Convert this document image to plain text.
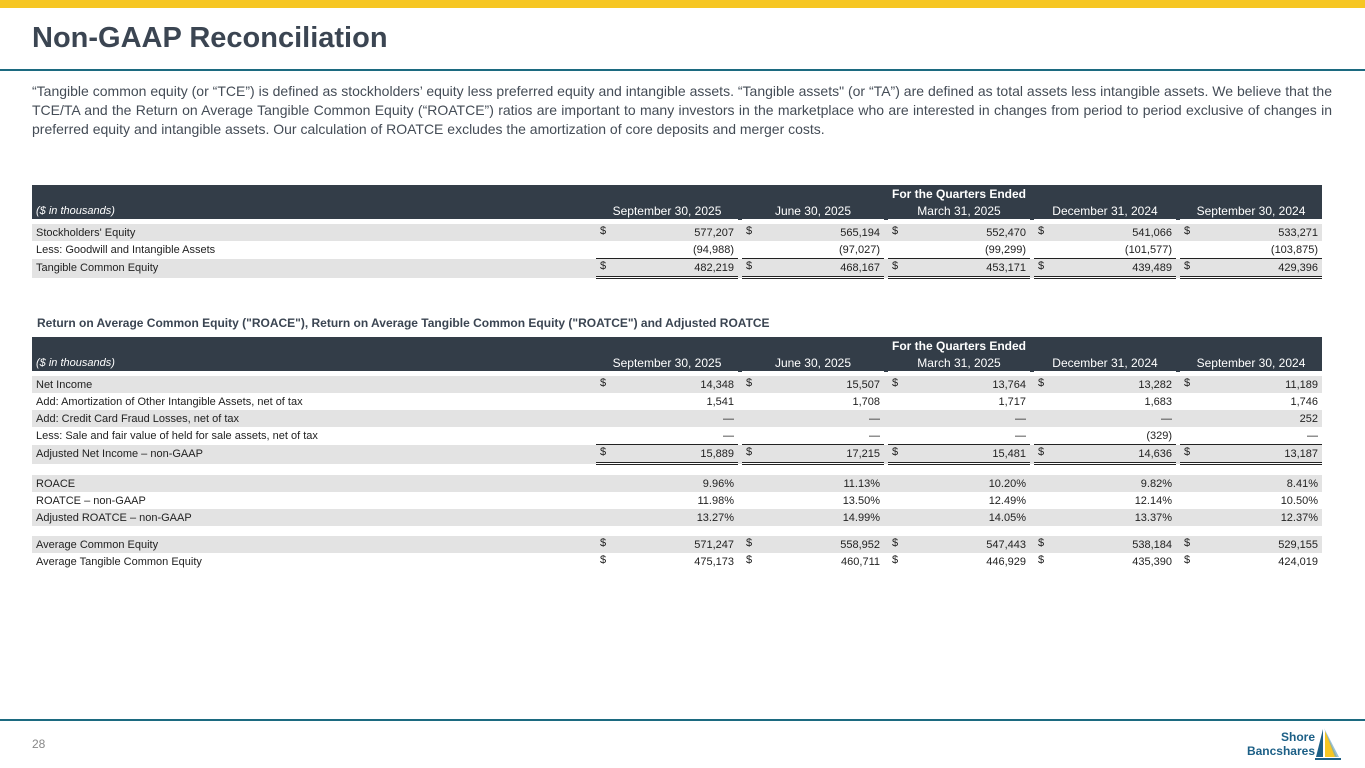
Non-GAAP Reconciliation

“Tangible common equity (or “TCE”) is defined as stockholders’ equity less preferred equity and intangible assets. “Tangible assets" (or “TA”) are defined as total assets less intangible assets. We believe that the TCE/TA and the Return on Average Tangible Common Equity (“ROATCE”) ratios are important to many investors in the marketplace who are interested in changes from period to period exclusive of changes in preferred equity and intangible assets. Our calculation of ROATCE excludes the amortization of core deposits and merger costs.

	For the Quarters Ended								
($ in thousands)	September 30, 2025		June 30, 2025		March 31, 2025		December 31, 2024		September 30, 2024

Stockholders' Equity	$ 577,207		$ 565,194		$ 552,470		$ 541,066		$ 533,271
Less: Goodwill and Intangible Assets	(94,988)		(97,027)		(99,299)		(101,577)		(103,875)
Tangible Common Equity	$ 482,219		$ 468,167		$ 453,171		$ 439,489		$ 429,396
Return on Average Common Equity ("ROACE"), Return on Average Tangible Common Equity ("ROATCE") and Adjusted ROATCE
	For the Quarters Ended								
($ in thousands)	September 30, 2025		June 30, 2025		March 31, 2025		December 31, 2024		September 30, 2024

Net Income	$ 14,348		$ 15,507		$ 13,764		$ 13,282		$ 11,189
Add: Amortization of Other Intangible Assets, net of tax	1,541		1,708		1,717		1,683		1,746
Add: Credit Card Fraud Losses, net of tax	—		—		—		—		252
Less: Sale and fair value of held for sale assets, net of tax	—		—		—		(329)		—
Adjusted Net Income – non-GAAP	$ 15,889		$ 17,215		$ 15,481		$ 14,636		$ 13,187

ROACE	9.96%		11.13%		10.20%		9.82%		8.41%
ROATCE – non-GAAP	11.98%		13.50%		12.49%		12.14%		10.50%
Adjusted ROATCE – non-GAAP	13.27%		14.99%		14.05%		13.37%		12.37%

Average Common Equity	$ 571,247		$ 558,952		$ 547,443		$ 538,184		$ 529,155
Average Tangible Common Equity	$ 475,173		$ 460,711		$ 446,929		$ 435,390		$ 424,019
28	Shore
Bancshares
